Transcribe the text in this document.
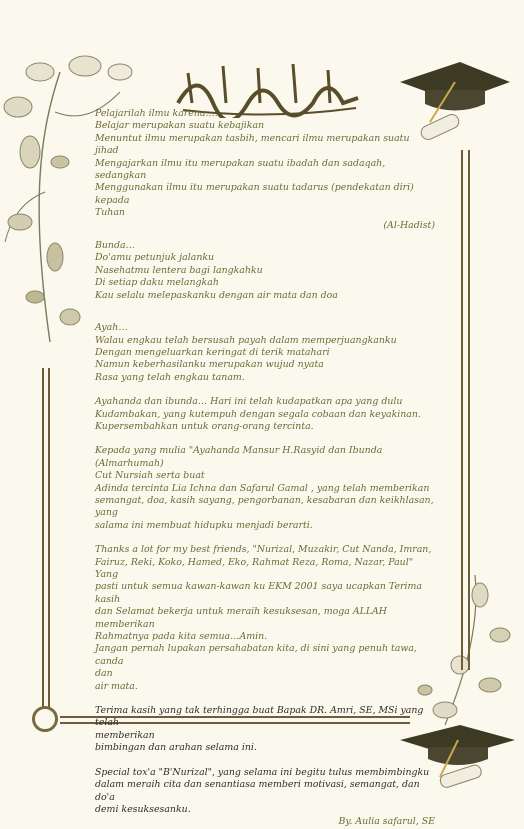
Pelajarilah ilmu karena….

Belajar merupakan suatu kebajikan

Menuntut ilmu merupakan tasbih, mencari ilmu merupakan suatu jihad

Mengajarkan ilmu itu merupakan suatu ibadah dan sadaqah, sedangkan

Menggunakan ilmu itu merupakan suatu tadarus (pendekatan diri) kepada

Tuhan

(Al-Hadist)

Bunda…

Do'amu petunjuk jalanku

Nasehatmu lentera bagi langkahku

Di setiap daku melangkah

Kau selalu melepaskanku dengan air mata dan doa

Ayah…

Walau engkau telah bersusah payah dalam memperjuangkanku

Dengan mengeluarkan keringat di terik matahari

Namun keberhasilanku merupakan wujud nyata

Rasa yang telah engkau tanam.

Ayahanda dan ibunda… Hari ini telah kudapatkan apa yang dulu

Kudambakan, yang kutempuh dengan segala cobaan dan keyakinan.

Kupersembahkan untuk orang-orang tercinta.

Kepada yang mulia "Ayahanda Mansur H.Rasyid dan Ibunda (Almarhumah)

Cut Nursiah serta buat

Adinda tercinta Lia Ichna dan Safarul Gamal , yang telah memberikan

semangat, doa, kasih sayang, pengorbanan, kesabaran dan keikhlasan, yang

salama ini membuat hidupku menjadi berarti.

Thanks a lot for my best friends, "Nurizal, Muzakir, Cut Nanda, Imran,

Fairuz, Reki, Koko, Hamed, Eko, Rahmat Reza, Roma, Nazar, Paul" Yang

pasti untuk semua kawan-kawan ku EKM 2001 saya ucapkan Terima kasih

dan Selamat bekerja untuk meraih kesuksesan, moga ALLAH memberikan

Rahmatnya pada kita semua…Amin.

Jangan pernah lupakan persahabatan kita, di sini yang penuh tawa, canda

dan

air mata.

Terima kasih yang tak terhingga buat Bapak DR. Amri, SE, MSi yang telah

memberikan

bimbingan dan arahan selama ini.

Special tox'a "B'Nurizal", yang selama ini begitu tulus membimbingku

dalam meraih cita dan senantiasa memberi motivasi, semangat, dan do'a

demi kesuksesanku.

By. Aulia safarul, SE
